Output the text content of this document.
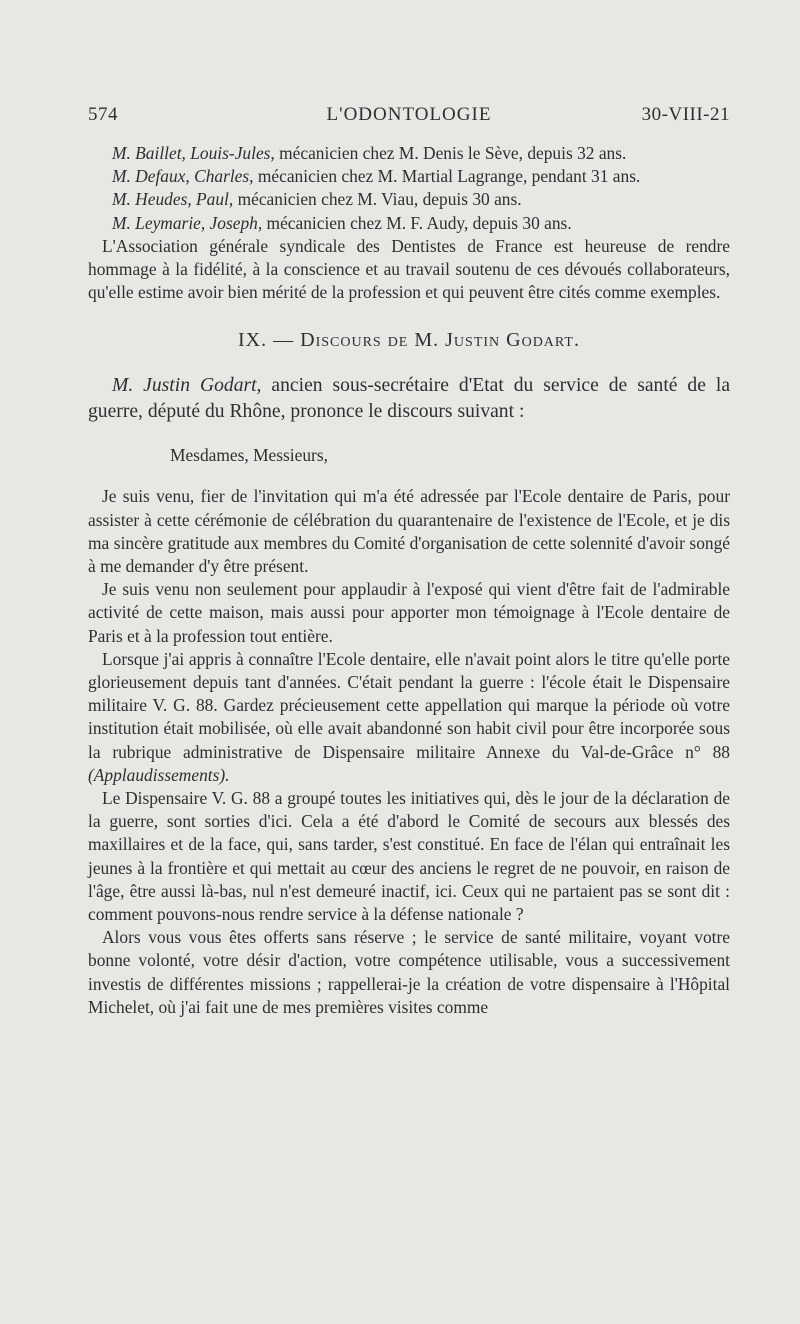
574	L'ODONTOLOGIE	30-VIII-21

M. Baillet, Louis-Jules, mécanicien chez M. Denis le Sève, depuis 32 ans.

M. Defaux, Charles, mécanicien chez M. Martial Lagrange, pendant 31 ans.

M. Heudes, Paul, mécanicien chez M. Viau, depuis 30 ans.

M. Leymarie, Joseph, mécanicien chez M. F. Audy, depuis 30 ans.

L'Association générale syndicale des Dentistes de France est heureuse de rendre hommage à la fidélité, à la conscience et au travail soutenu de ces dévoués collaborateurs, qu'elle estime avoir bien mérité de la profession et qui peuvent être cités comme exemples.

IX. — Discours de M. Justin Godart.

M. Justin Godart, ancien sous-secrétaire d'Etat du service de santé de la guerre, député du Rhône, prononce le discours suivant :

Mesdames, Messieurs,

Je suis venu, fier de l'invitation qui m'a été adressée par l'Ecole dentaire de Paris, pour assister à cette cérémonie de célébration du quarantenaire de l'existence de l'Ecole, et je dis ma sincère gratitude aux membres du Comité d'organisation de cette solennité d'avoir songé à me demander d'y être présent.

Je suis venu non seulement pour applaudir à l'exposé qui vient d'être fait de l'admirable activité de cette maison, mais aussi pour apporter mon témoignage à l'Ecole dentaire de Paris et à la profession tout entière.

Lorsque j'ai appris à connaître l'Ecole dentaire, elle n'avait point alors le titre qu'elle porte glorieusement depuis tant d'années. C'était pendant la guerre : l'école était le Dispensaire militaire V. G. 88. Gardez précieusement cette appellation qui marque la période où votre institution était mobilisée, où elle avait abandonné son habit civil pour être incorporée sous la rubrique administrative de Dispensaire militaire Annexe du Val-de-Grâce n° 88 (Applaudissements).

Le Dispensaire V. G. 88 a groupé toutes les initiatives qui, dès le jour de la déclaration de la guerre, sont sorties d'ici. Cela a été d'abord le Comité de secours aux blessés des maxillaires et de la face, qui, sans tarder, s'est constitué. En face de l'élan qui entraînait les jeunes à la frontière et qui mettait au cœur des anciens le regret de ne pouvoir, en raison de l'âge, être aussi là-bas, nul n'est demeuré inactif, ici. Ceux qui ne partaient pas se sont dit : comment pouvons-nous rendre service à la défense nationale ?

Alors vous vous êtes offerts sans réserve ; le service de santé militaire, voyant votre bonne volonté, votre désir d'action, votre compétence utilisable, vous a successivement investis de différentes missions ; rappellerai-je la création de votre dispensaire à l'Hôpital Michelet, où j'ai fait une de mes premières visites comme
